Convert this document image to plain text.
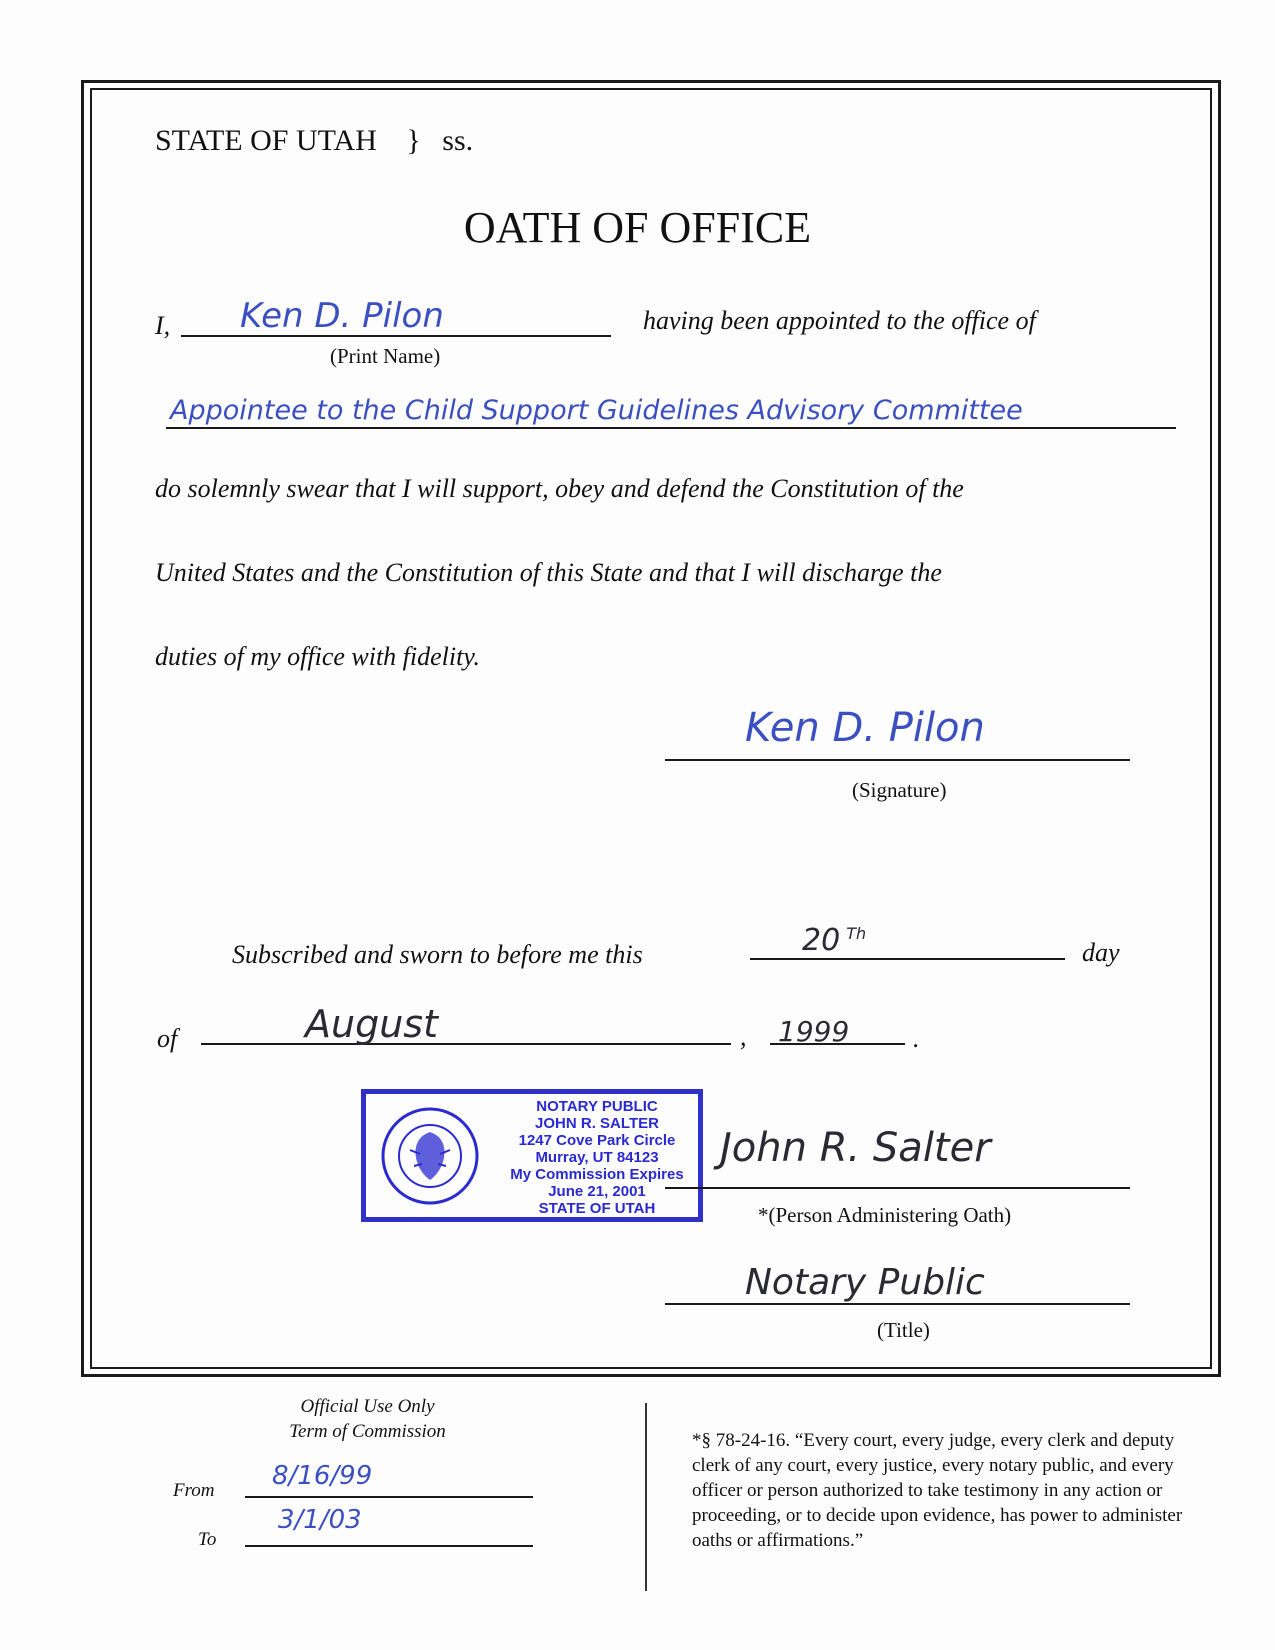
STATE OF UTAH } ss.
OATH OF OFFICE
I, Ken D. Pilon
(Print Name)
having been appointed to the office of
Appointee to the Child Support Guidelines Advisory Committee
do solemnly swear that I will support, obey and defend the Constitution of the
United States and the Constitution of this State and that I will discharge the
duties of my office with fidelity.
Ken D. Pilon
(Signature)
Subscribed and sworn to before me this	20 $^{Th}$
day
of	August	, 1999 .
NOTARY PUBLIC
JOHN R. SALTER
1247 Cove Park Circle
Murray, UT 84123
My Commission Expires
June 21, 2001
STATE OF UTAH
John R. Salter
*(Person Administering Oath)
Notary Public
(Title)
Official Use Only
Term of Commission
From 8/16/99
To
3/1/03
*§ 78-24-16. “Every court, every judge, every clerk and deputy clerk of any court, every justice, every notary public, and every officer or person authorized to take testimony in any action or proceeding, or to decide upon evidence, has power to administer oaths or affirmations.”
